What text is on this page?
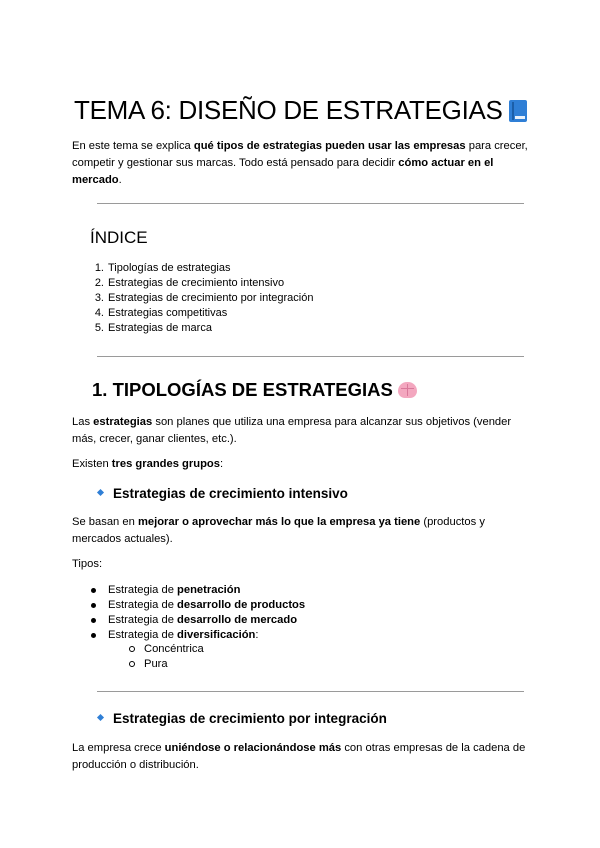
TEMA 6: DISEÑO DE ESTRATEGIAS

En este tema se explica qué tipos de estrategias pueden usar las empresas para crecer,
competir y gestionar sus marcas. Todo está pensado para decidir cómo actuar en el
mercado.

ÍNDICE
1. Tipologías de estrategias
2. Estrategias de crecimiento intensivo
3. Estrategias de crecimiento por integración
4. Estrategias competitivas
5. Estrategias de marca
1. TIPOLOGÍAS DE ESTRATEGIAS

Las estrategias son planes que utiliza una empresa para alcanzar sus objetivos (vender
más, crecer, ganar clientes, etc.).

Existen tres grandes grupos:

Estrategias de crecimiento intensivo

Se basan en mejorar o aprovechar más lo que la empresa ya tiene (productos y
mercados actuales).

Tipos:

Estrategia de penetración
Estrategia de desarrollo de productos
Estrategia de desarrollo de mercado
Estrategia de diversificación:
Concéntrica
Pura
Estrategias de crecimiento por integración

La empresa crece uniéndose o relacionándose más con otras empresas de la cadena de
producción o distribución.
